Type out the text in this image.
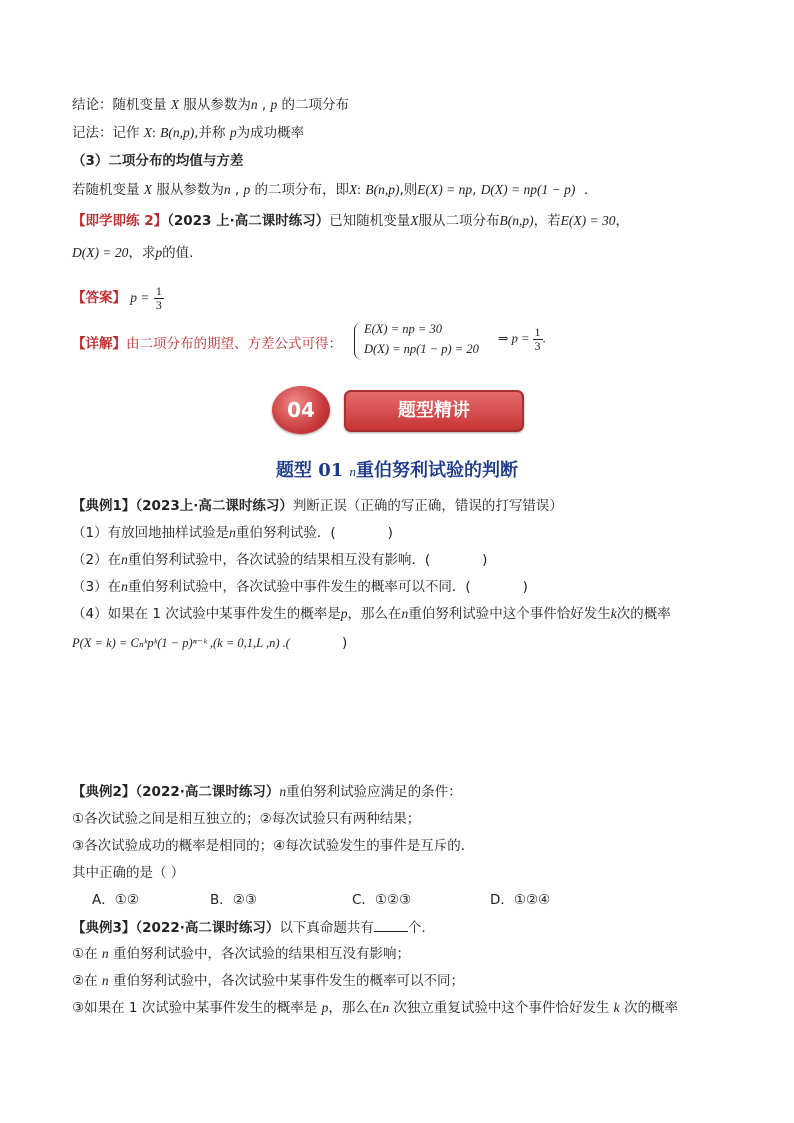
结论：随机变量 X 服从参数为n , p 的二项分布
记法：记作 X: B(n,p),并称 p为成功概率
（3）二项分布的均值与方差
若随机变量 X 服从参数为n , p 的二项分布，即X: B(n,p),则E(X) = np, D(X) = np(1 − p) .
【即学即练 2】（2023 上·高二课时练习）已知随机变量X服从二项分布B(n,p)，若E(X) = 30，
D(X) = 20，求p的值.
【答案】 $p = \frac{1}{3}$
【详解】由二项分布的期望、方差公式可得：
E(X) = np = 30
D(X) = np(1 − p) = 20
⇒ $p = \frac{1}{3}$ .
04	题型精讲
题型 01 n重伯努利试验的判断
【典例1】（2023上·高二课时练习）判断正误（正确的写正确，错误的打写错误）
（1）有放回地抽样试验是n重伯努利试验．(	)
（2）在n重伯努利试验中，各次试验的结果相互没有影响．(	)
（3）在n重伯努利试验中，各次试验中事件发生的概率可以不同．(	)
（4）如果在 1 次试验中某事件发生的概率是p，那么在n重伯努利试验中这个事件恰好发生k次的概率
P(X = k) = Cₙᵏpᵏ(1 − p)ⁿ⁻ᵏ ,(k = 0,1,L ,n) .(	)
【典例2】（2022·高二课时练习）n重伯努利试验应满足的条件：
①各次试验之间是相互独立的；②每次试验只有两种结果；
③各次试验成功的概率是相同的；④每次试验发生的事件是互斥的.
其中正确的是（ ）
A．①②	B．②③	C．①②③	D．①②④
【典例3】（2022·高二课时练习）以下真命题共有	个.
①在 n 重伯努利试验中，各次试验的结果相互没有影响；
②在 n 重伯努利试验中，各次试验中某事件发生的概率可以不同；
③如果在 1 次试验中某事件发生的概率是 p，那么在n 次独立重复试验中这个事件恰好发生 k 次的概率
